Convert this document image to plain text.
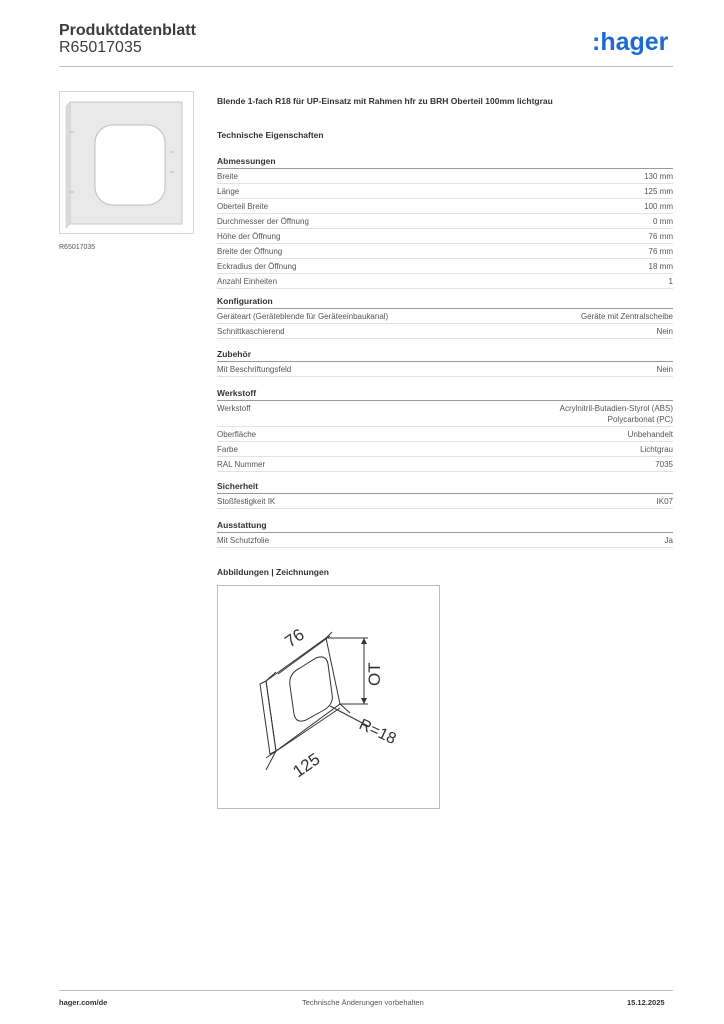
Produktdatenblatt
R65017035	:hager
R65017035
Blende 1-fach R18 für UP-Einsatz mit Rahmen hfr zu BRH Oberteil 100mm lichtgrau
Technische Eigenschaften
Abmessungen
Breite	130 mm
Länge	125 mm
Oberteil Breite	100 mm
Durchmesser der Öffnung	0 mm
Höhe der Öffnung	76 mm
Breite der Öffnung	76 mm
Eckradius der Öffnung	18 mm
Anzahl Einheiten	1
Konfiguration
Geräteart (Geräteblende für Geräteeinbaukanal)	Geräte mit Zentralscheibe
Schnittkaschierend	Nein
Zubehör
Mit Beschriftungsfeld	Nein
Werkstoff
Werkstoff	Acrylnitril-Butadien-Styrol (ABS)
Polycarbonat (PC)
Oberfläche	Unbehandelt
Farbe	Lichtgrau
RAL Nummer	7035
Sicherheit
Stoßfestigkeit IK	IK07
Ausstattung
Mit Schutzfolie	Ja
Abbildungen | Zeichnungen
76
OT
R=18
125
hager.com/de	Technische Änderungen vorbehalten	15.12.2025
